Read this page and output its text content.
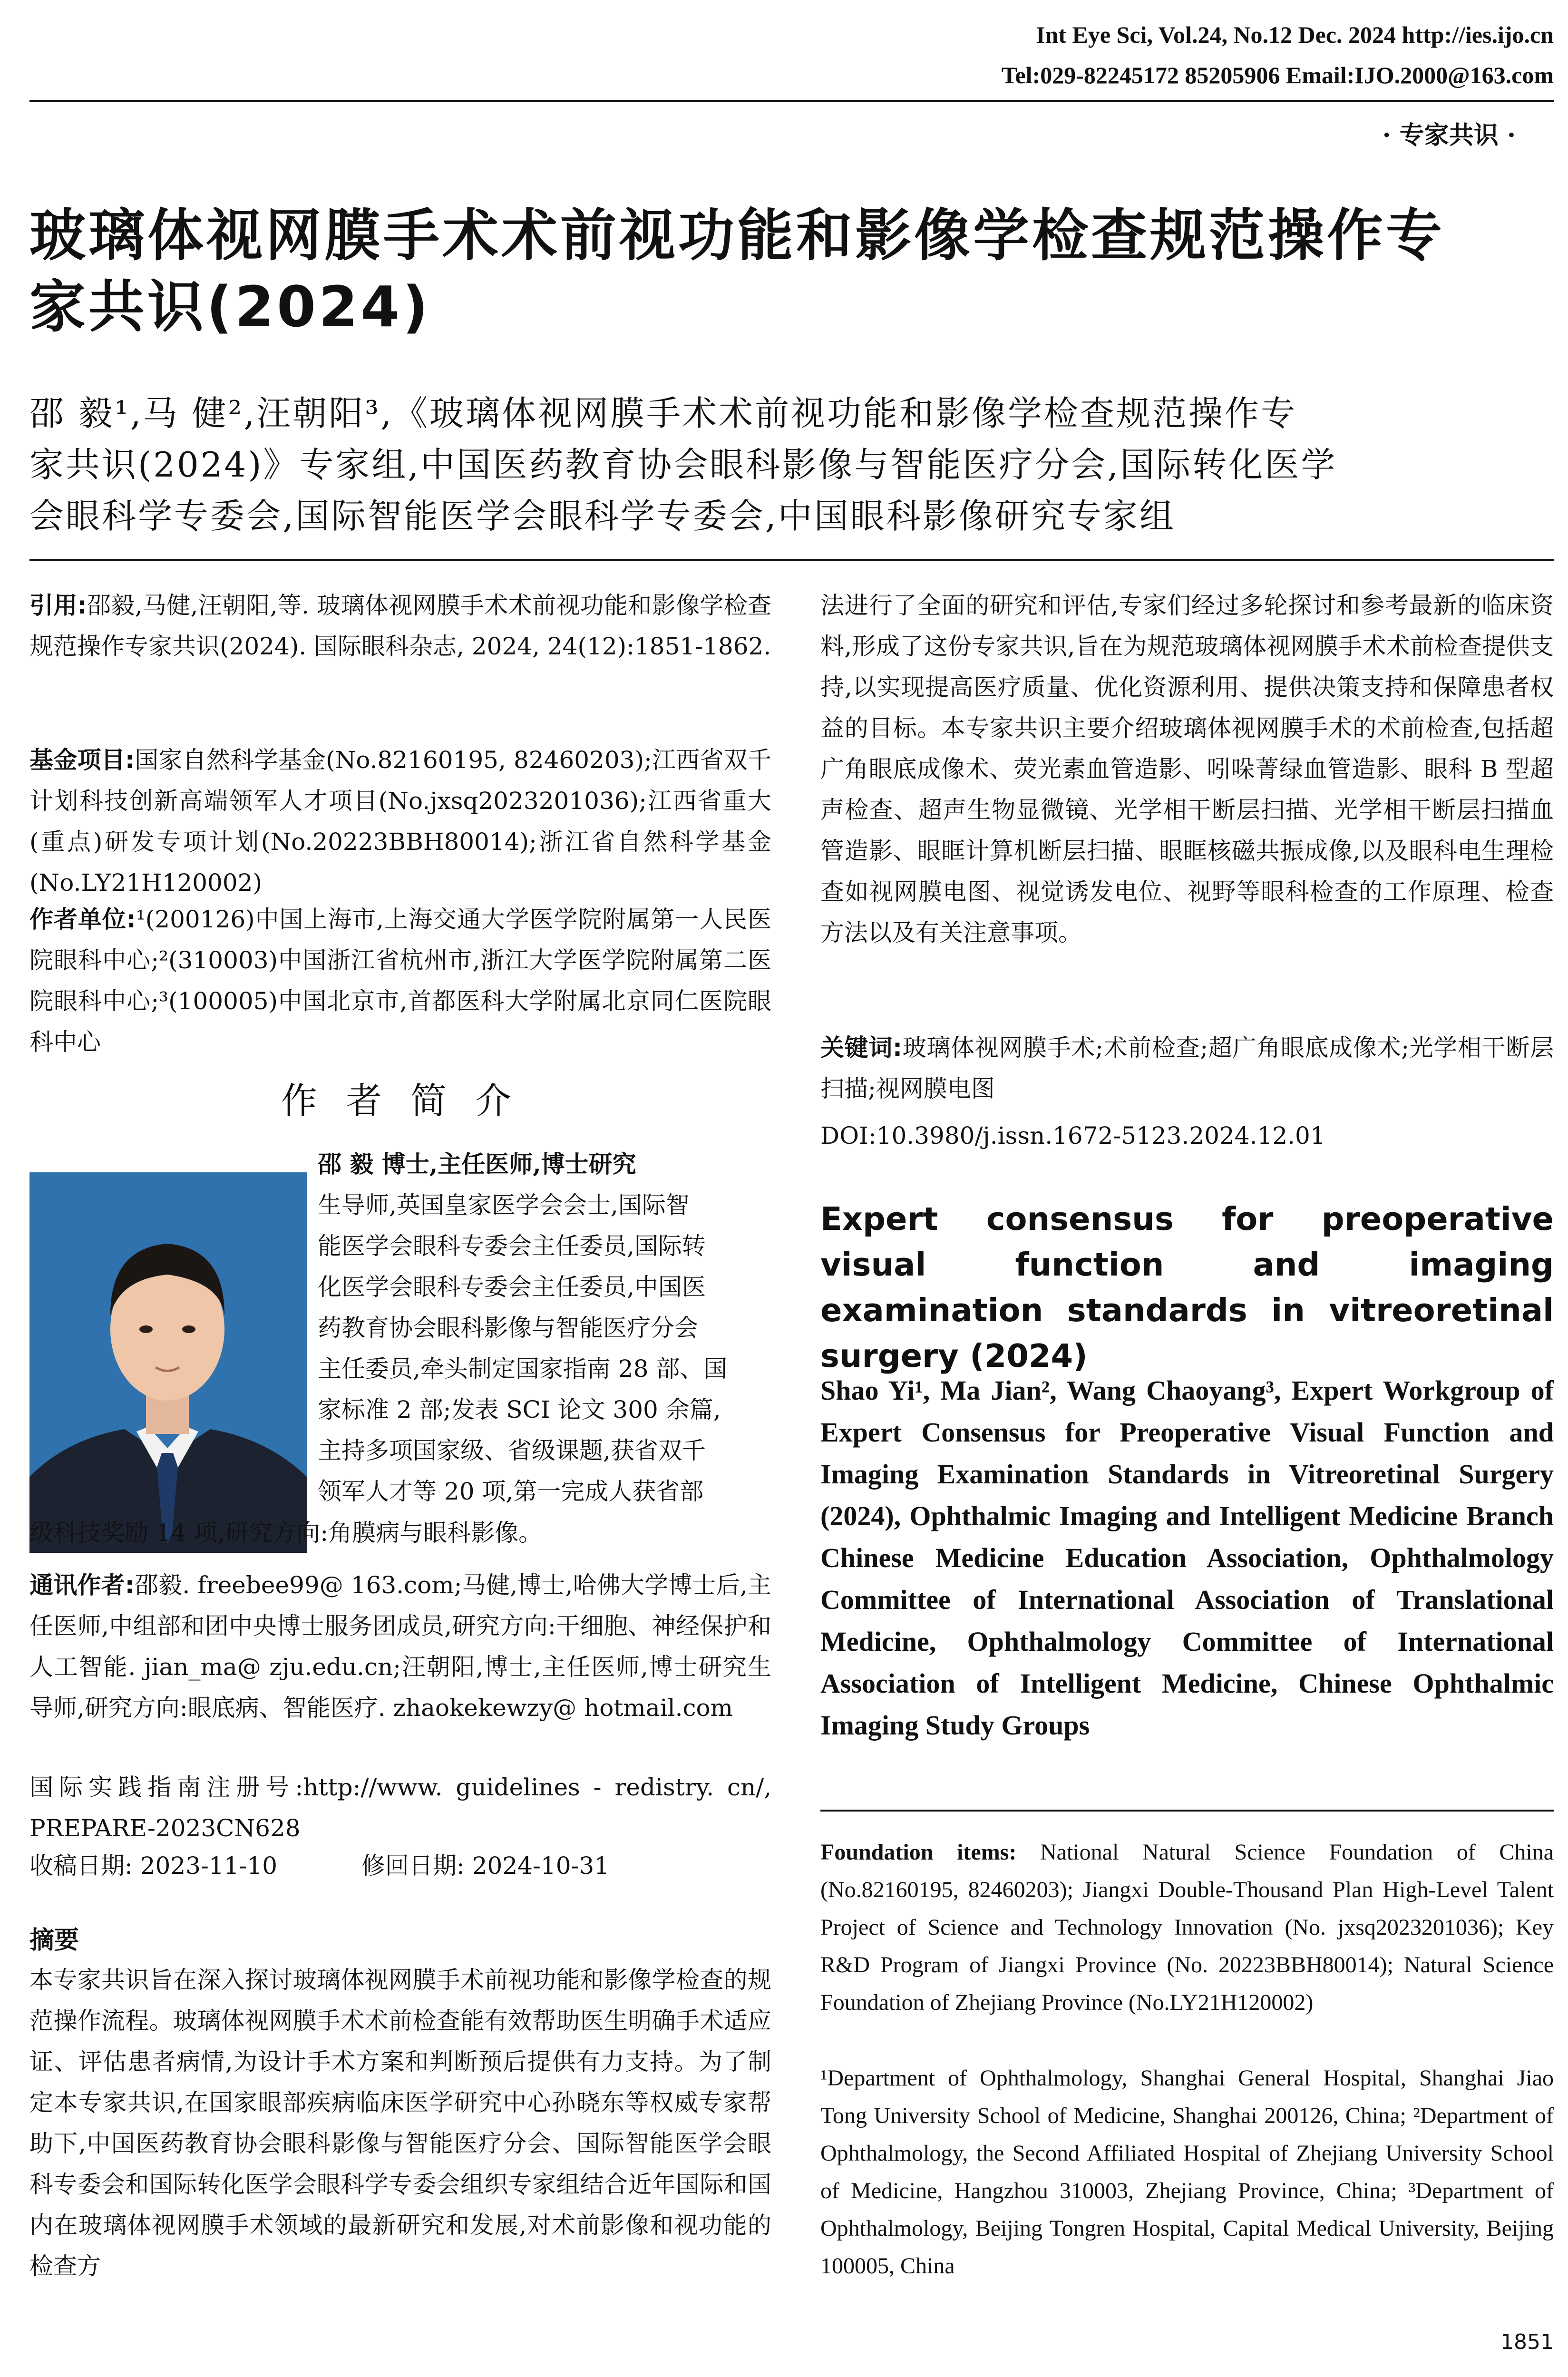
Int Eye Sci, Vol.24, No.12 Dec. 2024 http://ies.ijo.cn
Tel:029-82245172 85205906 Email:IJO.2000@163.com
· 专家共识 ·
玻璃体视网膜手术术前视功能和影像学检查规范操作专
家共识(2024)
邵 毅¹,马 健²,汪朝阳³,《玻璃体视网膜手术术前视功能和影像学检查规范操作专
家共识(2024)》专家组,中国医药教育协会眼科影像与智能医疗分会,国际转化医学
会眼科学专委会,国际智能医学会眼科学专委会,中国眼科影像研究专家组
引用:邵毅,马健,汪朝阳,等. 玻璃体视网膜手术术前视功能和影像学检查规范操作专家共识(2024). 国际眼科杂志, 2024, 24(12):1851-1862.
基金项目:国家自然科学基金(No.82160195, 82460203);江西省双千计划科技创新高端领军人才项目(No.jxsq2023201036);江西省重大(重点)研发专项计划(No.20223BBH80014);浙江省自然科学基金(No.LY21H120002)
作者单位:¹(200126)中国上海市,上海交通大学医学院附属第一人民医院眼科中心;²(310003)中国浙江省杭州市,浙江大学医学院附属第二医院眼科中心;³(100005)中国北京市,首都医科大学附属北京同仁医院眼科中心
作 者 简 介
邵 毅 博士,主任医师,博士研究
生导师,英国皇家医学会会士,国际智
能医学会眼科专委会主任委员,国际转
化医学会眼科专委会主任委员,中国医
药教育协会眼科影像与智能医疗分会
主任委员,牵头制定国家指南 28 部、国
家标准 2 部;发表 SCI 论文 300 余篇,
主持多项国家级、省级课题,获省双千
领军人才等 20 项,第一完成人获省部
级科技奖励 14 项,研究方向:角膜病与眼科影像。
通讯作者:邵毅. freebee99@ 163.com;马健,博士,哈佛大学博士后,主任医师,中组部和团中央博士服务团成员,研究方向:干细胞、神经保护和人工智能. jian_ma@ zju.edu.cn;汪朝阳,博士,主任医师,博士研究生导师,研究方向:眼底病、智能医疗. zhaokekewzy@ hotmail.com
国际实践指南注册号:http://www. guidelines - redistry. cn/, PREPARE-2023CN628
收稿日期: 2023-11-10	修回日期: 2024-10-31
摘要
本专家共识旨在深入探讨玻璃体视网膜手术前视功能和影像学检查的规范操作流程。玻璃体视网膜手术术前检查能有效帮助医生明确手术适应证、评估患者病情,为设计手术方案和判断预后提供有力支持。为了制定本专家共识,在国家眼部疾病临床医学研究中心孙晓东等权威专家帮助下,中国医药教育协会眼科影像与智能医疗分会、国际智能医学会眼科专委会和国际转化医学会眼科学专委会组织专家组结合近年国际和国内在玻璃体视网膜手术领域的最新研究和发展,对术前影像和视功能的检查方
法进行了全面的研究和评估,专家们经过多轮探讨和参考最新的临床资料,形成了这份专家共识,旨在为规范玻璃体视网膜手术术前检查提供支持,以实现提高医疗质量、优化资源利用、提供决策支持和保障患者权益的目标。本专家共识主要介绍玻璃体视网膜手术的术前检查,包括超广角眼底成像术、荧光素血管造影、吲哚菁绿血管造影、眼科 B 型超声检查、超声生物显微镜、光学相干断层扫描、光学相干断层扫描血管造影、眼眶计算机断层扫描、眼眶核磁共振成像,以及眼科电生理检查如视网膜电图、视觉诱发电位、视野等眼科检查的工作原理、检查方法以及有关注意事项。
关键词:玻璃体视网膜手术;术前检查;超广角眼底成像术;光学相干断层扫描;视网膜电图
DOI:10.3980/j.issn.1672-5123.2024.12.01
Expert consensus for preoperative visual function and imaging examination standards in vitreoretinal surgery (2024)
Shao Yi¹, Ma Jian², Wang Chaoyang³, Expert Workgroup of Expert Consensus for Preoperative Visual Function and Imaging Examination Standards in Vitreoretinal Surgery (2024), Ophthalmic Imaging and Intelligent Medicine Branch Chinese Medicine Education Association, Ophthalmology Committee of International Association of Translational Medicine, Ophthalmology Committee of International Association of Intelligent Medicine, Chinese Ophthalmic Imaging Study Groups
Foundation items: National Natural Science Foundation of China (No.82160195, 82460203); Jiangxi Double-Thousand Plan High-Level Talent Project of Science and Technology Innovation (No. jxsq2023201036); Key R&D Program of Jiangxi Province (No. 20223BBH80014); Natural Science Foundation of Zhejiang Province (No.LY21H120002)
¹Department of Ophthalmology, Shanghai General Hospital, Shanghai Jiao Tong University School of Medicine, Shanghai 200126, China; ²Department of Ophthalmology, the Second Affiliated Hospital of Zhejiang University School of Medicine, Hangzhou 310003, Zhejiang Province, China; ³Department of Ophthalmology, Beijing Tongren Hospital, Capital Medical University, Beijing 100005, China
1851
